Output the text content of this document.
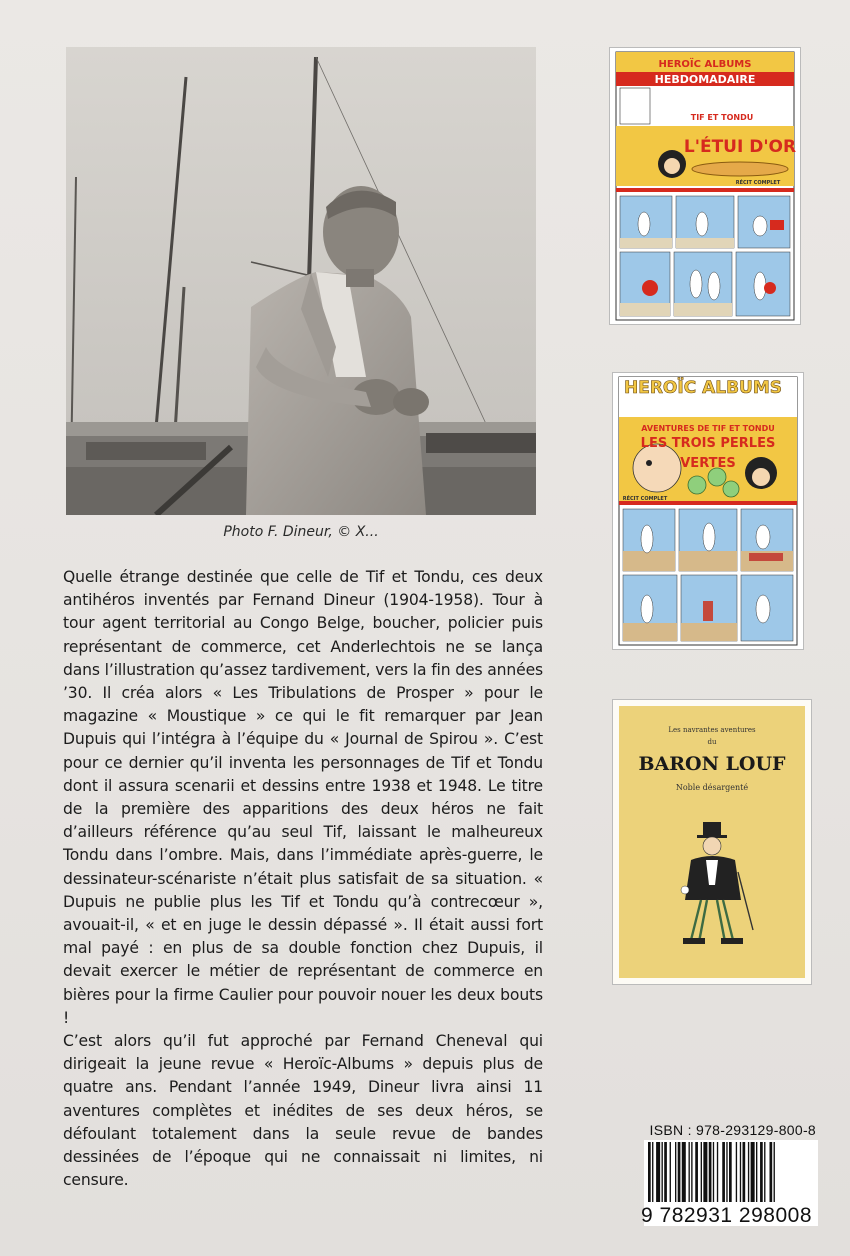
Photo F. Dineur, © X...
Quelle étrange destinée que celle de Tif et Tondu, ces deux antihéros inventés par Fernand Dineur (1904-1958). Tour à tour agent territorial au Congo Belge, boucher, policier puis représentant de commerce, cet Anderlechtois ne se lança dans l’illustration qu’assez tardivement, vers la fin des années ’30. Il créa alors « Les Tribulations de Prosper » pour le magazine « Moustique » ce qui le fit remarquer par Jean Dupuis qui l’intégra à l’équipe du « Journal de Spirou ». C’est pour ce dernier qu’il inventa les personnages de Tif et Tondu dont il assura scenarii et dessins entre 1938 et 1948. Le titre de la première des apparitions des deux héros ne fait d’ailleurs référence qu’au seul Tif, laissant le malheureux Tondu dans l’ombre. Mais, dans l’immédiate après-guerre, le dessinateur-scénariste n’était plus satisfait de sa situation. « Dupuis ne publie plus les Tif et Tondu qu’à contrecœur », avouait-il, « et en juge le dessin dépassé ». Il était aussi fort mal payé : en plus de sa double fonction chez Dupuis, il devait exercer le métier de représentant de commerce en bières pour la firme Caulier pour pouvoir nouer les deux bouts !
C’est alors qu’il fut approché par Fernand Cheneval qui dirigeait la jeune revue « Heroïc-Albums » depuis plus de quatre ans. Pendant l’année 1949, Dineur livra ainsi 11 aventures complètes et inédites de ses deux héros, se défoulant totalement dans la seule revue de bandes dessinées de l’époque qui ne connaissait ni limites, ni censure.
HEROÏC ALBUMS
HEBDOMADAIRE
TIF ET TONDU
L'ÉTUI D'OR
RÉCIT COMPLET
HEROÏC ALBUMS
AVENTURES DE TIF ET TONDU
LES TROIS PERLES
VERTES
RÉCIT COMPLET
Les navrantes aventures
du
BARON LOUF
Noble désargenté
ISBN : 978-293129-800-8
9 782931 298008
